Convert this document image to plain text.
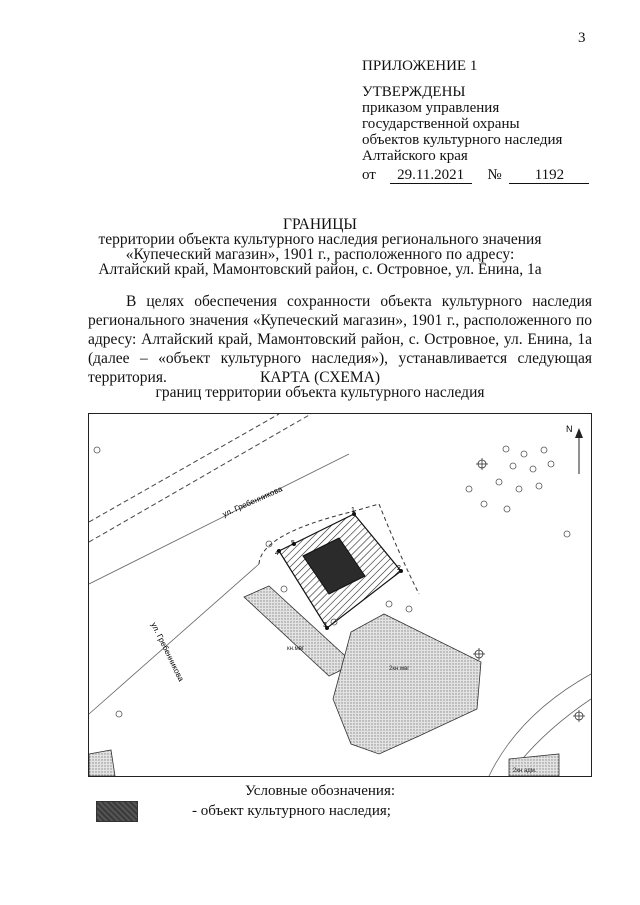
3
ПРИЛОЖЕНИЕ 1
УТВЕРЖДЕНЫ
приказом управления
государственной охраны
объектов культурного наследия
Алтайского края
от 29.11.2021 № 1192
ГРАНИЦЫ
территории объекта культурного наследия регионального значения
«Купеческий магазин», 1901 г., расположенного по адресу:
Алтайский край, Мамонтовский район, с. Островное, ул. Енина, 1а
В целях обеспечения сохранности объекта культурного наследия регионального значения «Купеческий магазин», 1901 г., расположенного по адресу: Алтайский край, Мамонтовский район, с. Островное, ул. Енина, 1а (далее – «объект культурного наследия»), устанавливается следующая территория.	КАРТА (СХЕМА)
границ территории объекта культурного наследия
N
ул. Гребенникова
ул. Гребенникова	кн.мвг
2кн мвг
2кн адм.
1
2
3
4
5
Условные обозначения:
- объект культурного наследия;
